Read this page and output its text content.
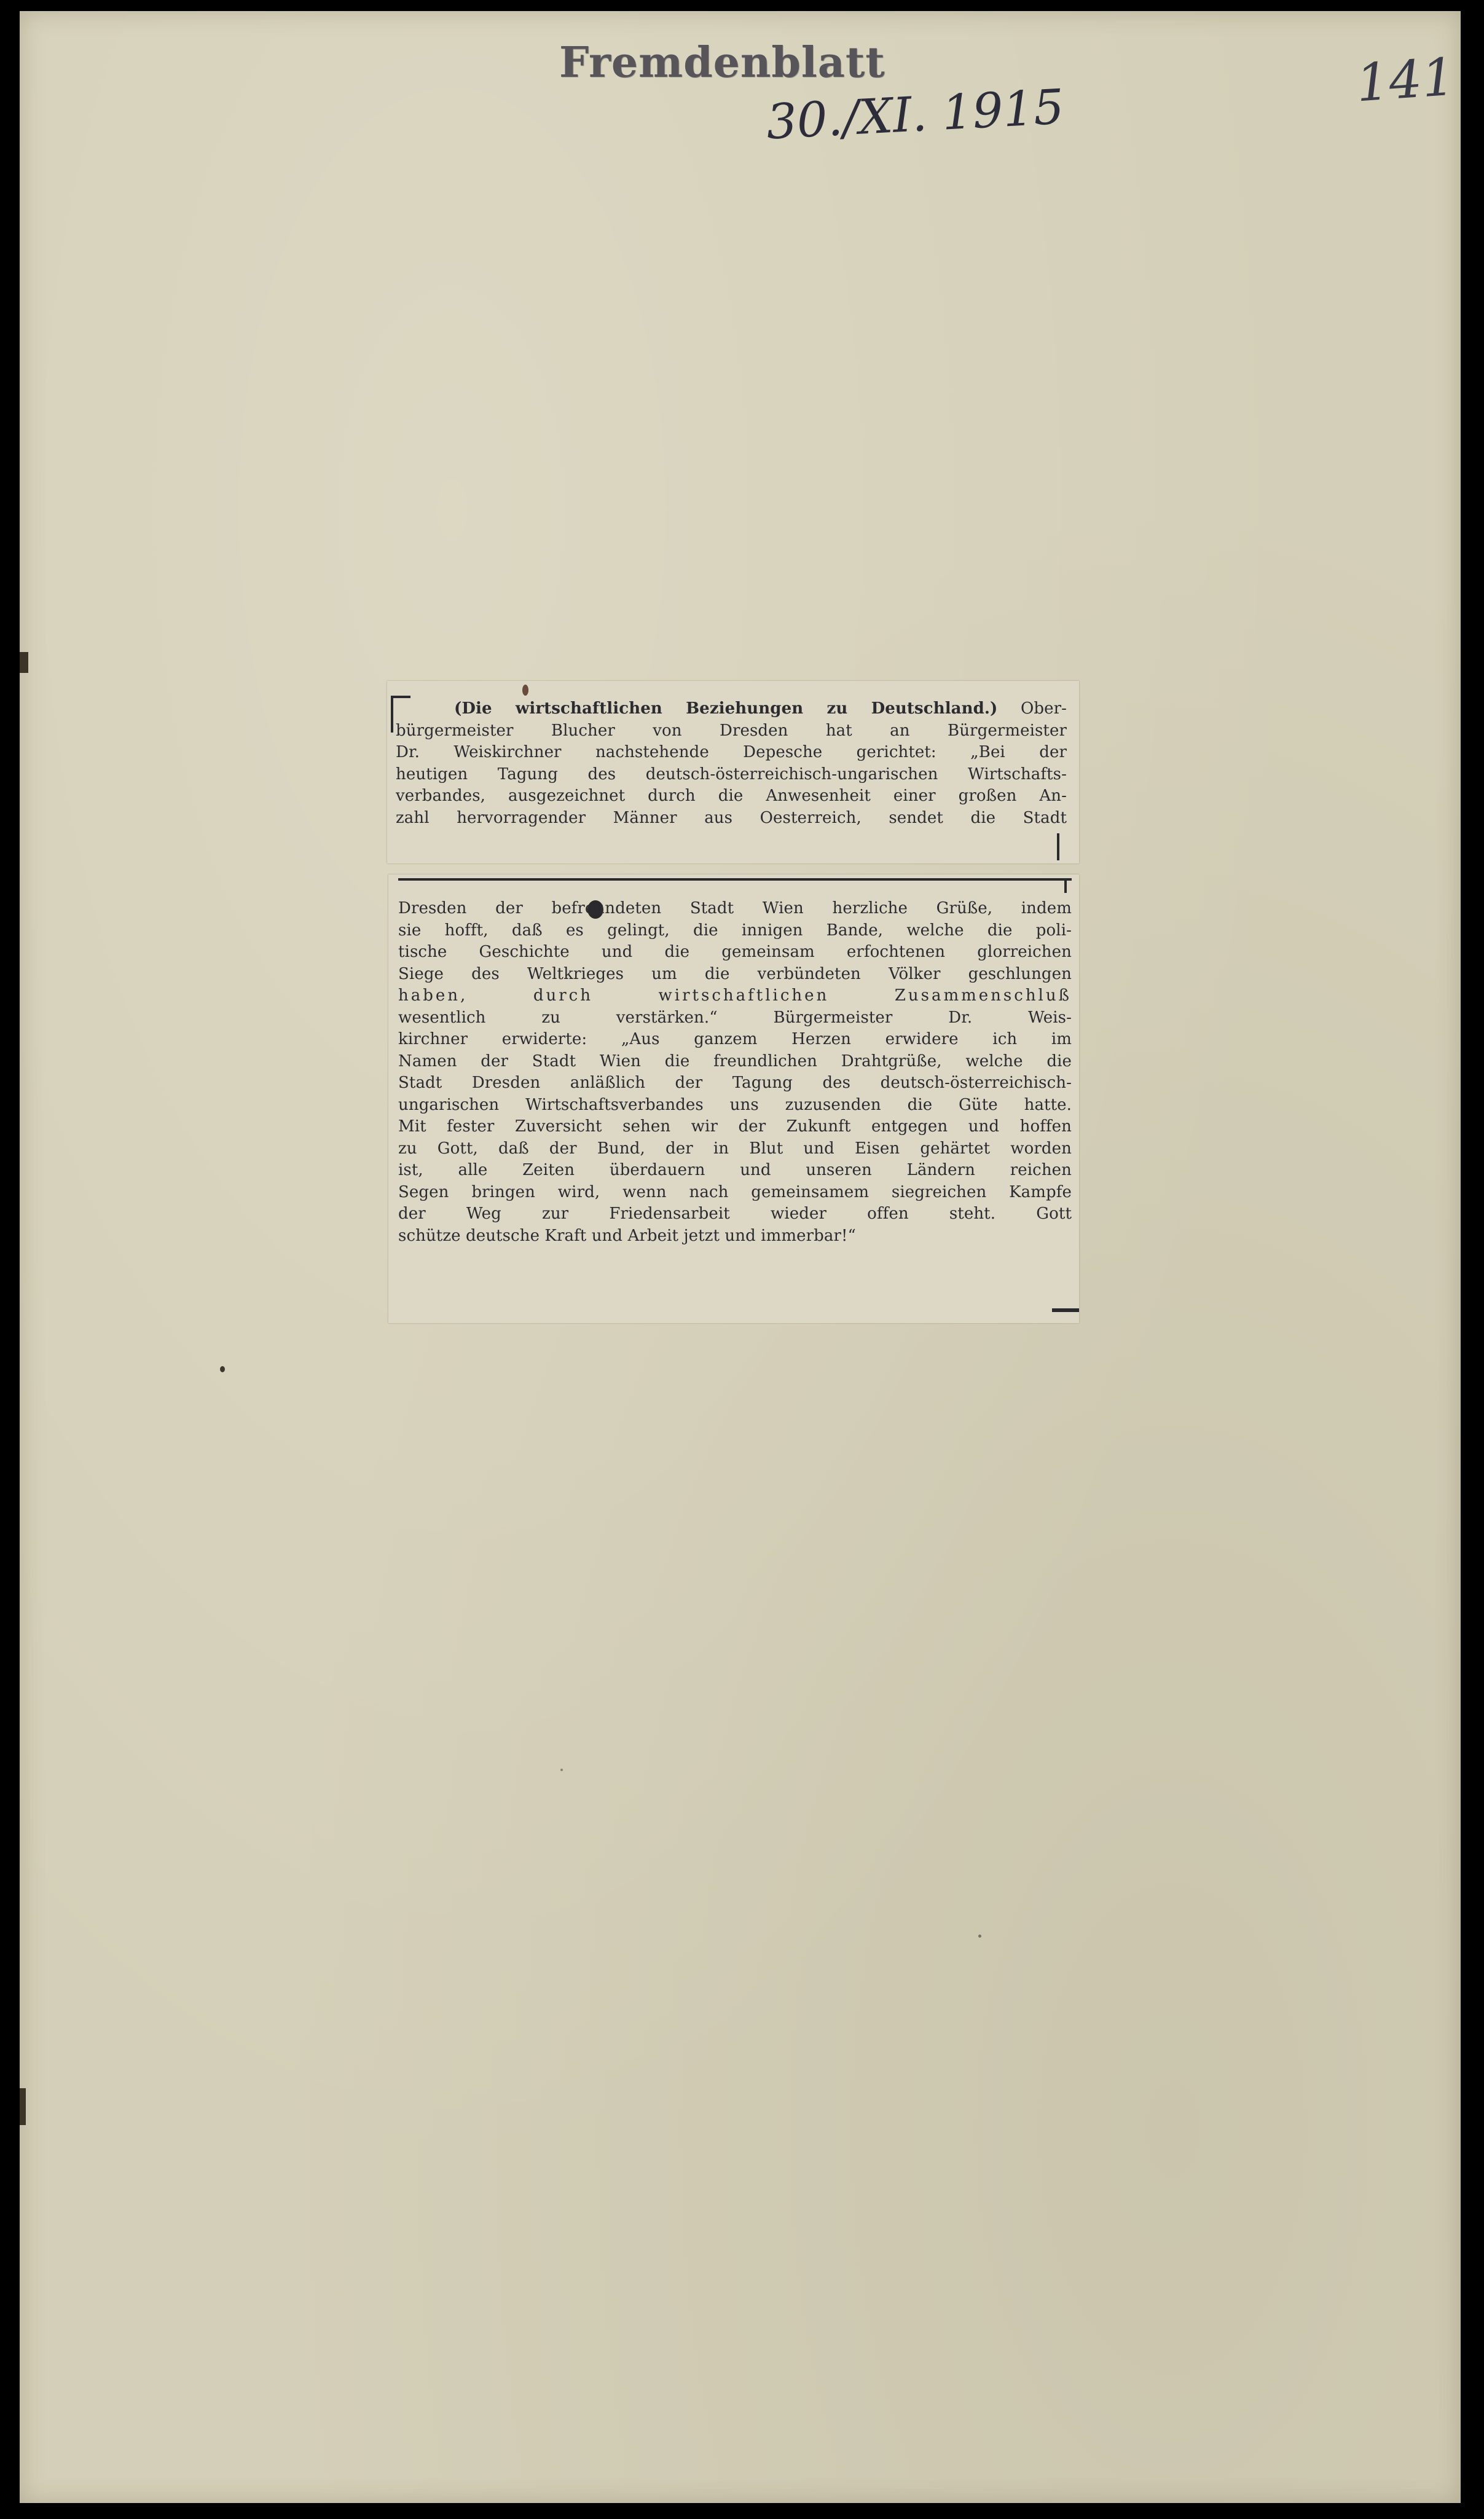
Fremdenblatt
30./XI. 1915	141
(Die wirtschaftlichen Beziehungen zu Deutschland.) Ober-
bürgermeister Blucher von Dresden hat an Bürgermeister
Dr. Weiskirchner nachstehende Depesche gerichtet: „Bei der
heutigen Tagung des deutsch-österreichisch-ungarischen Wirtschafts-
verbandes, ausgezeichnet durch die Anwesenheit einer großen An-
zahl hervorragender Männer aus Oesterreich, sendet die Stadt
Dresden der befreundeten Stadt Wien herzliche Grüße, indem
sie hofft, daß es gelingt, die innigen Bande, welche die poli-
tische Geschichte und die gemeinsam erfochtenen glorreichen
Siege des Weltkrieges um die verbündeten Völker geschlungen
haben, durch wirtschaftlichen Zusammenschluß
wesentlich zu verstärken.“ Bürgermeister Dr. Weis-
kirchner erwiderte: „Aus ganzem Herzen erwidere ich im
Namen der Stadt Wien die freundlichen Drahtgrüße, welche die
Stadt Dresden anläßlich der Tagung des deutsch-österreichisch-
ungarischen Wirtschaftsverbandes uns zuzusenden die Güte hatte.
Mit fester Zuversicht sehen wir der Zukunft entgegen und hoffen
zu Gott, daß der Bund, der in Blut und Eisen gehärtet worden
ist, alle Zeiten überdauern und unseren Ländern reichen
Segen bringen wird, wenn nach gemeinsamem siegreichen Kampfe
der Weg zur Friedensarbeit wieder offen steht. Gott
schütze deutsche Kraft und Arbeit jetzt und immerbar!“
